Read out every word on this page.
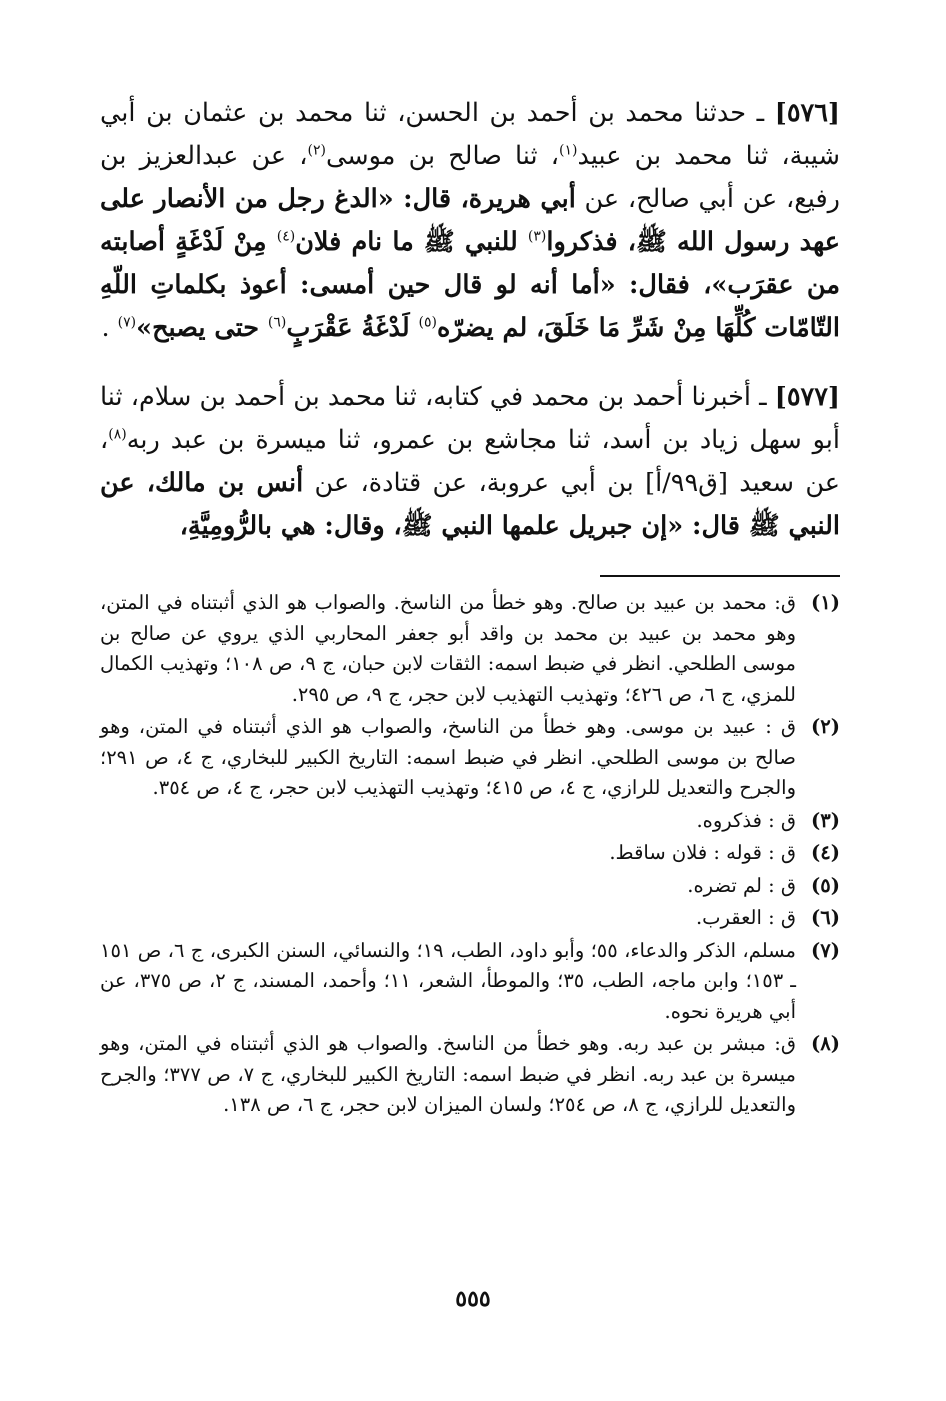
[٥٧٦] ـ حدثنا محمد بن أحمد بن الحسن، ثنا محمد بن عثمان بن أبي شيبة، ثنا محمد بن عبيد$^{(١)}$، ثنا صالح بن موسى$^{(٢)}$، عن عبدالعزيز بن رفيع، عن أبي صالح، عن أبي هريرة، قال: «الدغ رجل من الأنصار على عهد رسول الله ﷺ، فذكروا$^{(٣)}$ للنبي ﷺ ما نام فلان$^{(٤)}$ مِنْ لَدْغَةٍ أصابته من عقرَب»، فقال: «أما أنه لو قال حين أمسى: أعوذ بكلماتِ اللّهِ التّامّات كُلِّهَا مِنْ شَرِّ مَا خَلَقَ، لم يضرّه$^{(٥)}$ لَدْغَةُ عَقْرَبٍ$^{(٦)}$ حتى يصبح»$^{(٧)}$ .

[٥٧٧] ـ أخبرنا أحمد بن محمد في كتابه، ثنا محمد بن أحمد بن سلام، ثنا أبو سهل زياد بن أسد، ثنا مجاشع بن عمرو، ثنا ميسرة بن عبد ربه$^{(٨)}$، عن سعيد [ق٩٩/أ] بن أبي عروبة، عن قتادة، عن أنس بن مالك، عن النبي ﷺ قال: «إن جبريل علمها النبي ﷺ، وقال: هي بالرُّومِيَّةِ،

(١)
ق: محمد بن عبيد بن صالح. وهو خطأ من الناسخ. والصواب هو الذي أثبتناه في المتن، وهو محمد بن عبيد بن محمد بن واقد أبو جعفر المحاربي الذي يروي عن صالح بن موسى الطلحي. انظر في ضبط اسمه: الثقات لابن حبان، ج ٩، ص ١٠٨؛ وتهذيب الكمال للمزي، ج ٦، ص ٤٢٦؛ وتهذيب التهذيب لابن حجر، ج ٩، ص ٢٩٥.
(٢)
ق : عبيد بن موسى. وهو خطأ من الناسخ، والصواب هو الذي أثبتناه في المتن، وهو صالح بن موسى الطلحي. انظر في ضبط اسمه: التاريخ الكبير للبخاري، ج ٤، ص ٢٩١؛ والجرح والتعديل للرازي، ج ٤، ص ٤١٥؛ وتهذيب التهذيب لابن حجر، ج ٤، ص ٣٥٤.
(٣)
ق : فذكروه.
(٤)
ق : قوله : فلان ساقط.
(٥)
ق : لم تضره.
(٦)
ق : العقرب.
(٧)
مسلم، الذكر والدعاء، ٥٥؛ وأبو داود، الطب، ١٩؛ والنسائي، السنن الكبرى، ج ٦، ص ١٥١ ـ ١٥٣؛ وابن ماجه، الطب، ٣٥؛ والموطأ، الشعر، ١١؛ وأحمد، المسند، ج ٢، ص ٣٧٥، عن أبي هريرة نحوه.
(٨)
ق: مبشر بن عبد ربه. وهو خطأ من الناسخ. والصواب هو الذي أثبتناه في المتن، وهو ميسرة بن عبد ربه. انظر في ضبط اسمه: التاريخ الكبير للبخاري، ج ٧، ص ٣٧٧؛ والجرح والتعديل للرازي، ج ٨، ص ٢٥٤؛ ولسان الميزان لابن حجر، ج ٦، ص ١٣٨.
٥٥٥
